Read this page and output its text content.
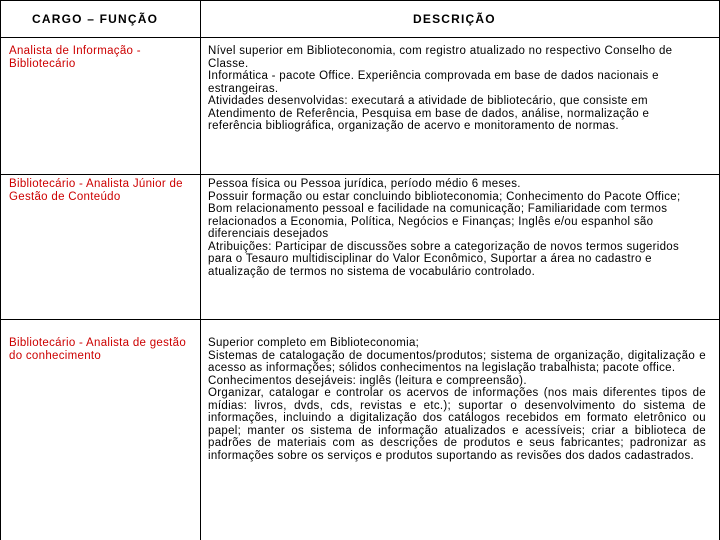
CARGO – FUNÇÃO	DESCRIÇÃO
Analista de Informação - Bibliotecário

Nível superior em Biblioteconomia, com registro atualizado no respectivo Conselho de Classe.

Informática - pacote Office. Experiência comprovada em base de dados nacionais e estrangeiras.

Atividades desenvolvidas: executará a atividade de bibliotecário, que consiste em Atendimento de Referência, Pesquisa em base de dados, análise, normalização e referência bibliográfica, organização de acervo e monitoramento de normas.

Bibliotecário - Analista Júnior de Gestão de Conteúdo

Pessoa física ou Pessoa jurídica, período médio 6 meses.

Possuir formação ou estar concluindo biblioteconomia; Conhecimento do Pacote Office; Bom relacionamento pessoal e facilidade na comunicação; Familiaridade com termos relacionados a Economia, Política, Negócios e Finanças; Inglês e/ou espanhol são diferenciais desejados

Atribuições: Participar de discussões sobre a categorização de novos termos sugeridos para o Tesauro multidisciplinar do Valor Econômico, Suportar a área no cadastro e atualização de termos no sistema de vocabulário controlado.

Bibliotecário - Analista de gestão do conhecimento

Superior completo em Biblioteconomia;

Sistemas de catalogação de documentos/produtos; sistema de organização, digitalização e acesso as informações; sólidos conhecimentos na legislação trabalhista; pacote office.

Conhecimentos desejáveis: inglês (leitura e compreensão).

Organizar, catalogar e controlar os acervos de informações (nos mais diferentes tipos de mídias: livros, dvds, cds, revistas e etc.); suportar o desenvolvimento do sistema de informações, incluindo a digitalização dos catálogos recebidos em formato eletrônico ou papel; manter os sistema de informação atualizados e acessíveis; criar a biblioteca de padrões de materiais com as descrições de produtos e seus fabricantes; padronizar as informações sobre os serviços e produtos suportando as revisões dos dados cadastrados.
